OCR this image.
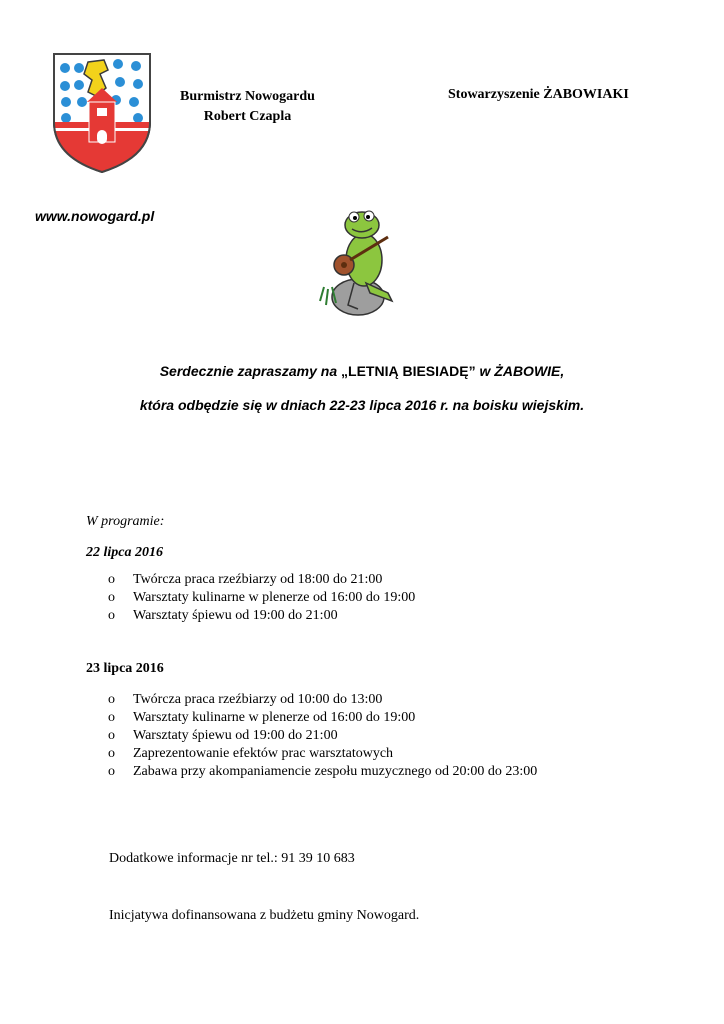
Burmistrz Nowogardu
Robert Czapla
Stowarzyszenie ŻABOWIAKI
www.nowogard.pl
Serdecznie zapraszamy na „LETNIĄ BIESIADĘ” w ŻABOWIE,
która odbędzie się w dniach 22-23 lipca 2016 r. na boisku wiejskim.
W programie:
22 lipca 2016
o Twórcza praca rzeźbiarzy od 18:00 do 21:00
o Warsztaty kulinarne w plenerze od 16:00 do 19:00
o Warsztaty śpiewu od 19:00 do 21:00
23 lipca 2016
o Twórcza praca rzeźbiarzy od 10:00 do 13:00
o Warsztaty kulinarne w plenerze od 16:00 do 19:00
o Warsztaty śpiewu od 19:00 do 21:00
o Zaprezentowanie efektów prac warsztatowych
o Zabawa przy akompaniamencie zespołu muzycznego od 20:00 do 23:00
Dodatkowe informacje nr tel.: 91 39 10 683
Inicjatywa dofinansowana z budżetu gminy Nowogard.
